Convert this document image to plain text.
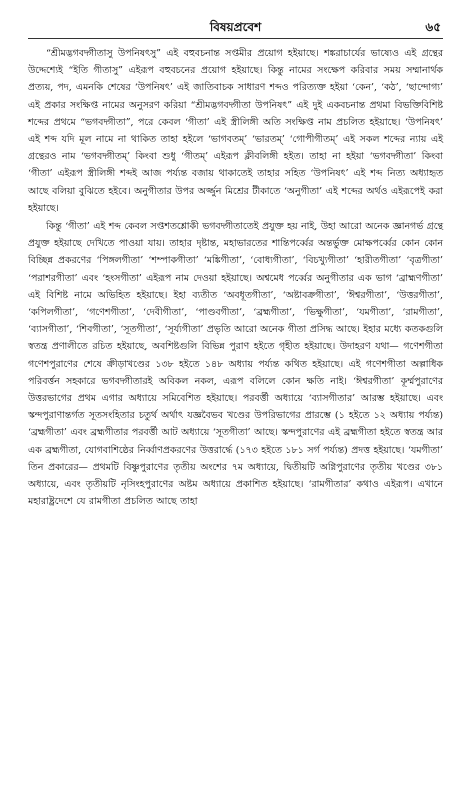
বিষয়প্রবেশ	৬৫

“শ্রীমদ্ভগবদ্গীতাসু উপনিষৎসু” এই বহুবচনান্ত সপ্তমীর প্রয়োগ হইয়াছে। শঙ্করাচার্যের ভাষ্যেও এই গ্রন্থের উদ্দেশ্যেই “ইতি গীতাসু” এইরূপ বহুবচনের প্রয়োগ হইয়াছে। কিন্তু নামের সংক্ষেপ করিবার সময় সম্মানার্থক প্রত্যয়, পদ, এমনকি শেষের ‘উপনিষৎ’ এই জাতিবাচক সাধারণ শব্দও পরিত্যক্ত হইয়া ‘কেন’, ‘কঠ’, ‘ছান্দোগ্য’ এই প্রকার সংক্ষিপ্ত নামের অনুসরণ করিয়া “শ্রীমদ্ভগবদ্গীতা উপনিষৎ” এই দুই একবচনান্ত প্রথমা বিভক্তিবিশিষ্ট শব্দের প্রথমে “ভগবদ্গীতা”, পরে কেবল ‘গীতা’ এই স্ত্রীলিঙ্গী অতি সংক্ষিপ্ত নাম প্রচলিত হইয়াছে। ‘উপনিষৎ’ এই শব্দ যদি মূল নামে না থাকিত তাহা হইলে ‘ভাগবতম্’ ‘ভারতম্’ ‘গোপীগীতম্’ এই সকল শব্দের ন্যায় এই গ্রন্থেরও নাম ‘ভগবদ্গীতম্’ কিংবা শুধু ‘গীতম্’ এইরূপ ক্লীবলিঙ্গী হইত। তাহা না হইয়া ‘ভগবদ্গীতা’ কিংবা ‘গীতা’ এইরূপ স্ত্রীলিঙ্গী শব্দই আজ পর্য্যন্ত বজায় থাকাতেই তাহার সহিত ‘উপনিষৎ’ এই শব্দ নিত্য অধ্যাহৃত আছে বলিয়া বুঝিতে হইবে। অনুগীতার উপর অর্জ্জুন মিশ্রের টীকাতে ‘অনুগীতা’ এই শব্দের অর্থও এইরূপেই করা হইয়াছে।

কিন্তু ‘গীতা’ এই শব্দ কেবল সপ্তশতশ্লোকী ভগবদ্গীতাতেই প্রযুক্ত হয় নাই, উহা আরো অনেক জ্ঞানগর্ভ গ্রন্থে প্রযুক্ত হইয়াছে দেখিতে পাওয়া যায়। তাহার দৃষ্টান্ত, মহাভারতের শান্তিপর্ব্বের অন্তর্ভুক্ত মোক্ষপর্ব্বের কোন কোন বিচ্ছিন্ন প্রকরণের ‘পিঙ্গলগীতা’ ‘শম্পাকগীতা’ ‘মঙ্কিগীতা’, ‘বোধ্যগীতা’, ‘বিচখ্যুগীতা’ ‘হারীতগীতা’ ‘বৃত্রগীতা’ ‘পরাশরগীতা’ এবং ‘হংসগীতা’ এইরূপ নাম দেওয়া হইয়াছে। অশ্বমেধ পর্ব্বের অনুগীতার এক ভাগ ‘ব্রাহ্মণগীতা’ এই বিশিষ্ট নামে অভিহিত হইয়াছে। ইহা ব্যতীত ‘অবধূতগীতা’, ‘অষ্টাবক্রগীতা’, ‘ঈশ্বরগীতা’, ‘উত্তরগীতা’, ‘কপিলগীতা’, ‘গণেশগীতা’, ‘দেবীগীতা’, ‘পাণ্ডবগীতা’, ‘ব্রহ্মগীতা’, ‘ভিক্ষুগীতা’, ‘যমগীতা’, ‘রামগীতা’, ‘ব্যাসগীতা’, ‘শিবগীতা’, ‘সূতগীতা’, ‘সূর্য্যগীতা’ প্রভৃতি আরো অনেক গীতা প্রসিদ্ধ আছে। ইহার মধ্যে কতকগুলি স্বতন্ত্র প্রণালীতে রচিত হইয়াছে, অবশিষ্টগুলি বিভিন্ন পুরাণ হইতে গৃহীত হইয়াছে। উদাহরণ যথা— গণেশগীতা গণেশপুরাণের শেষে ক্রীড়াখণ্ডের ১৩৮ হইতে ১৪৮ অধ্যায় পর্য্যন্ত কথিত হইয়াছে। এই গণেশগীতা অল্পাধিক পরিবর্ত্তন সহকারে ভগবদ্গীতারই অবিকল নকল, এরূপ বলিলে কোন ক্ষতি নাই। ‘ঈশ্বরগীতা’ কূর্ম্মপুরাণের উত্তরভাগের প্রথম এগার অধ্যায়ে সমিবেশিত হইয়াছে। পরবর্ত্তী অধ্যায়ে ‘ব্যাসগীতার’ আরম্ভ হইয়াছে। এবং স্কন্দপুরাণান্তর্গত সূতসংহিতার চতুর্থ অর্থাৎ যজ্ঞবৈভব খণ্ডের উপরিভাগের প্রারম্ভে (১ হইতে ১২ অধ্যায় পর্য্যন্ত) ‘ব্রহ্মগীতা’ এবং ব্রহ্মগীতার পরবর্ত্তী আট অধ্যায়ে ‘সূতগীতা’ আছে। স্কন্দপুরাণের এই ব্রহ্মগীতা হইতে স্বতন্ত্র আর এক ব্রহ্মগীতা, যোগবাশিষ্ঠের নির্ব্বাণপ্রকরণের উত্তরার্দ্ধে (১৭৩ হইতে ১৮১ সর্গ পর্য্যন্ত) প্রদত্ত হইয়াছে। ‘যমগীতা’ তিন প্রকারের— প্রথমটি বিষ্ণুপুরাণের তৃতীয় অংশের ৭ম অধ্যায়ে, দ্বিতীয়টি অগ্নিপুরাণের তৃতীয় খণ্ডের ৩৮১ অধ্যায়ে, এবং তৃতীয়টি নৃসিংহপুরাণের অষ্টম অধ্যায়ে প্রকাশিত হইয়াছে। ‘রামগীতার’ কথাও এইরূপ। এখানে মহারাষ্ট্রদেশে যে রামগীতা প্রচলিত আছে তাহা
